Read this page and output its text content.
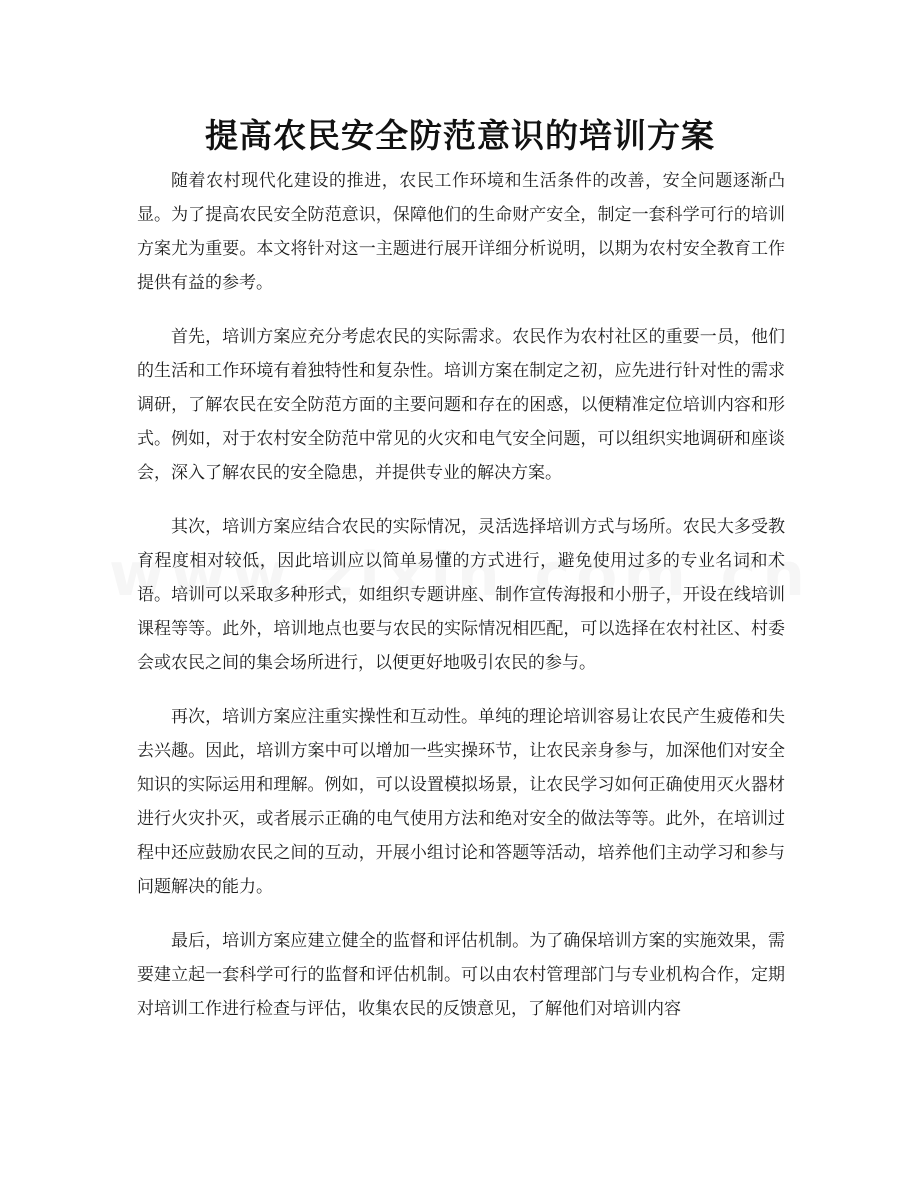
提高农民安全防范意识的培训方案

随着农村现代化建设的推进，农民工作环境和生活条件的改善，安全问题逐渐凸显。为了提高农民安全防范意识，保障他们的生命财产安全，制定一套科学可行的培训方案尤为重要。本文将针对这一主题进行展开详细分析说明，以期为农村安全教育工作提供有益的参考。

首先，培训方案应充分考虑农民的实际需求。农民作为农村社区的重要一员，他们的生活和工作环境有着独特性和复杂性。培训方案在制定之初，应先进行针对性的需求调研，了解农民在安全防范方面的主要问题和存在的困惑，以便精准定位培训内容和形式。例如，对于农村安全防范中常见的火灾和电气安全问题，可以组织实地调研和座谈会，深入了解农民的安全隐患，并提供专业的解决方案。

其次，培训方案应结合农民的实际情况，灵活选择培训方式与场所。农民大多受教育程度相对较低，因此培训应以简单易懂的方式进行，避免使用过多的专业名词和术语。培训可以采取多种形式，如组织专题讲座、制作宣传海报和小册子，开设在线培训课程等等。此外，培训地点也要与农民的实际情况相匹配，可以选择在农村社区、村委会或农民之间的集会场所进行，以便更好地吸引农民的参与。

再次，培训方案应注重实操性和互动性。单纯的理论培训容易让农民产生疲倦和失去兴趣。因此，培训方案中可以增加一些实操环节，让农民亲身参与，加深他们对安全知识的实际运用和理解。例如，可以设置模拟场景，让农民学习如何正确使用灭火器材进行火灾扑灭，或者展示正确的电气使用方法和绝对安全的做法等等。此外，在培训过程中还应鼓励农民之间的互动，开展小组讨论和答题等活动，培养他们主动学习和参与问题解决的能力。

最后，培训方案应建立健全的监督和评估机制。为了确保培训方案的实施效果，需要建立起一套科学可行的监督和评估机制。可以由农村管理部门与专业机构合作，定期对培训工作进行检查与评估，收集农民的反馈意见，了解他们对培训内容
